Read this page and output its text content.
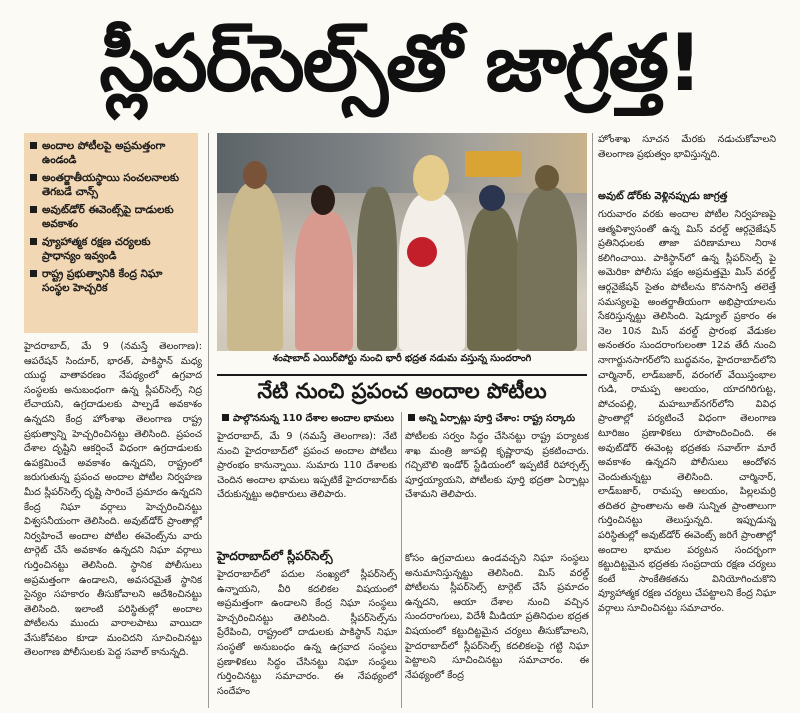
స్లీపర్‌సెల్స్‌తో జాగ్రత్త!
అందాల పోటీలపై అప్రమత్తంగా ఉండండి
అంతర్జాతీయస్థాయి సంచలనాలకు తెగబడే చాన్స్
అవుట్‌డోర్ ఈవెంట్స్‌పై దాడులకు అవకాశం
వ్యూహాత్మక రక్షణ చర్యలకు ప్రాధాన్యం ఇవ్వండి
రాష్ట్ర ప్రభుత్వానికి కేంద్ర నిఘా సంస్థల హెచ్చరిక

హైదరాబాద్, మే 9 (నమస్తే తెలంగాణ): ఆపరేషన్ సిందూర్, భారత్, పాకిస్థాన్ మధ్య యుద్ధ వాతావరణం నేపథ్యంలో ఉగ్రవాద సంస్థలకు అనుబంధంగా ఉన్న స్లీపర్‌సెల్స్ నిద్ర లేచాయని, ఉగ్రదాడులకు పాల్పడే అవకాశం ఉన్నదని కేంద్ర హోంశాఖ తెలంగాణ రాష్ట్ర ప్రభుత్వాన్ని హెచ్చరించినట్టు తెలిసింది. ప్రపంచ దేశాల దృష్టిని ఆకర్షించే విధంగా ఉగ్రదాడులకు ఉపక్రమించే అవకాశం ఉన్నదని, రాష్ట్రంలో జరుగుతున్న ప్రపంచ అందాల పోటీల నిర్వహణ మీద స్లీపర్‌సెల్స్ దృష్టి సారించే ప్రమాదం ఉన్నదని కేంద్ర నిఘా వర్గాలు హెచ్చరించినట్టు విశ్వసనీయంగా తెలిసింది. అవుట్‌డోర్ ప్రాంతాల్లో నిర్వహించే అందాల పోటీల ఈవెంట్స్‌ను వారు టార్గెట్ చేసే అవకాశం ఉన్నదని నిఘా వర్గాలు గుర్తించినట్టు తెలిసింది. స్థానిక పోలీసులు అప్రమత్తంగా ఉండాలని, అవసరమైతే స్థానిక సైన్యం సహకారం తీసుకోవాలని ఆదేశించినట్టు తెలిసింది. ఇలాంటి పరిస్థితుల్లో అందాల పోటీలను ముందు వారాలపాటు వాయిదా వేసుకోవటం కూడా మంచిదని సూచించినట్టు తెలంగాణ పోలీసులకు పెద్ద సవాల్ కానున్నది.

శంషాబాద్ ఎయిర్‌పోర్టు నుంచి భారీ భద్రత నడుమ వస్తున్న సుందరాంగి
నేటి నుంచి ప్రపంచ అందాల పోటీలు
పాల్గొననున్న 110 దేశాల అందాల భామలు	అన్ని ఏర్పాట్లు పూర్తి చేశాం: రాష్ట్ర సర్కారు

హైదరాబాద్, మే 9 (నమస్తే తెలంగాణ): నేటి నుంచి హైదరాబాద్‌లో ప్రపంచ అందాల పోటీలు ప్రారంభం కానున్నాయి. సుమారు 110 దేశాలకు చెందిన అందాల భామలు ఇప్పటికే హైదరాబాద్‌కు చేరుకున్నట్టు అధికారులు తెలిపారు.

పోటీలకు సర్వం సిద్ధం చేసినట్టు రాష్ట్ర పర్యాటక శాఖ మంత్రి జూపల్లి కృష్ణారావు ప్రకటించారు. గచ్చిబౌలి ఇండోర్ స్టేడియంలో ఇప్పటికే రిహార్సల్స్ పూర్తయ్యాయని, పోటీలకు పూర్తి భద్రతా ఏర్పాట్లు చేశామని తెలిపారు.

హైదరాబాద్‌లో స్లీపర్‌సెల్స్

హైదరాబాద్‌లో పదుల సంఖ్యలో స్లీపర్‌సెల్స్ ఉన్నాయని, వీరి కదలికల విషయంలో అప్రమత్తంగా ఉండాలని కేంద్ర నిఘా సంస్థలు హెచ్చరించినట్టు తెలిసింది. స్లీపర్‌సెల్స్‌ను ప్రేరేపించి, రాష్ట్రంలో దాడులకు పాకిస్థాన్ నిఘా సంస్థతో అనుబంధం ఉన్న ఉగ్రవాద సంస్థలు ప్రణాళికలు సిద్ధం చేసినట్టు నిఘా సంస్థలు గుర్తించినట్టు సమాచారం. ఈ నేపథ్యంలో సందేహం

కోసం ఉగ్రవాదులు ఉండవచ్చని నిఘా సంస్థలు అనుమానిస్తున్నట్టు తెలిసింది. మిస్ వరల్డ్ పోటీలను స్లీపర్‌సెల్స్ టార్గెట్ చేసే ప్రమాదం ఉన్నదని, ఆయా దేశాల నుంచి వచ్చిన సుందరాంగులు, విదేశీ మీడియా ప్రతినిధుల భద్రత విషయంలో కట్టుదిట్టమైన చర్యలు తీసుకోవాలని, హైదరాబాద్‌లో స్లీపర్‌సెల్స్ కదలికలపై గట్టి నిఘా పెట్టాలని సూచించినట్టు సమాచారం. ఈ నేపథ్యంలో కేంద్ర

హోంశాఖ సూచన మేరకు నడుచుకోవాలని తెలంగాణ ప్రభుత్వం భావిస్తున్నది.

అవుట్ డోర్‌కు వెళ్లినప్పుడు జాగ్రత్త

గురువారం వరకు అందాల పోటీల నిర్వహణపై ఆత్మవిశ్వాసంతో ఉన్న మిస్ వరల్డ్ ఆర్గనైజేషన్ ప్రతినిధులకు తాజా పరిణామాలు నిరాశ కలిగించాయి. పాకిస్థాన్‌లో ఉన్న స్లీపర్‌సెల్స్ పై అమెరికా పోలీసు పక్షం అప్రమత్తమై మిస్ వరల్డ్ ఆర్గనైజేషన్ సైతం పోటీలను కొనసాగిస్తే తలెత్తే సమస్యలపై అంతర్జాతీయంగా అభిప్రాయాలను సేకరిస్తున్నట్టు తెలిసింది. షెడ్యూల్ ప్రకారం ఈ నెల 10న మిస్ వరల్డ్ ప్రారంభ వేడుకల అనంతరం సుందరాంగులంతా 12వ తేదీ నుంచి నాగార్జునసాగర్‌లోని బుద్ధవనం, హైదరాబాద్‌లోని చార్మినార్, లాడ్‌బజార్, వరంగల్ వేయిస్తంభాల గుడి, రామప్ప ఆలయం, యాదగిరిగుట్ట, పోచంపల్లి, మహబూబ్‌నగర్‌లోని వివిధ ప్రాంతాల్లో పర్యటించే విధంగా తెలంగాణ టూరిజం ప్రణాళికలు రూపొందించింది. ఈ అవుట్‌డోర్ ఈవెంట్ల భద్రతకు సవాల్‌గా మారే అవకాశం ఉన్నదని పోలీసులు ఆందోళన చెందుతున్నట్టు తెలిసింది. చార్మినార్, లాడ్‌బజార్, రామప్ప ఆలయం, పిల్లలమర్రి తదితర ప్రాంతాలను అతి సున్నిత ప్రాంతాలుగా గుర్తించినట్టు తెలుస్తున్నది. ఇప్పుడున్న పరిస్థితుల్లో అవుట్‌డోర్ ఈవెంట్స్ జరిగే ప్రాంతాల్లో అందాల భామల పర్యటన సందర్భంగా కట్టుదిట్టమైన భద్రతకు సంప్రదాయ రక్షణ చర్యలు కంటే సాంకేతికతను వినియోగించుకొని వ్యూహాత్మక రక్షణ చర్యలు చేపట్టాలని కేంద్ర నిఘా వర్గాలు సూచించినట్టు సమాచారం.
